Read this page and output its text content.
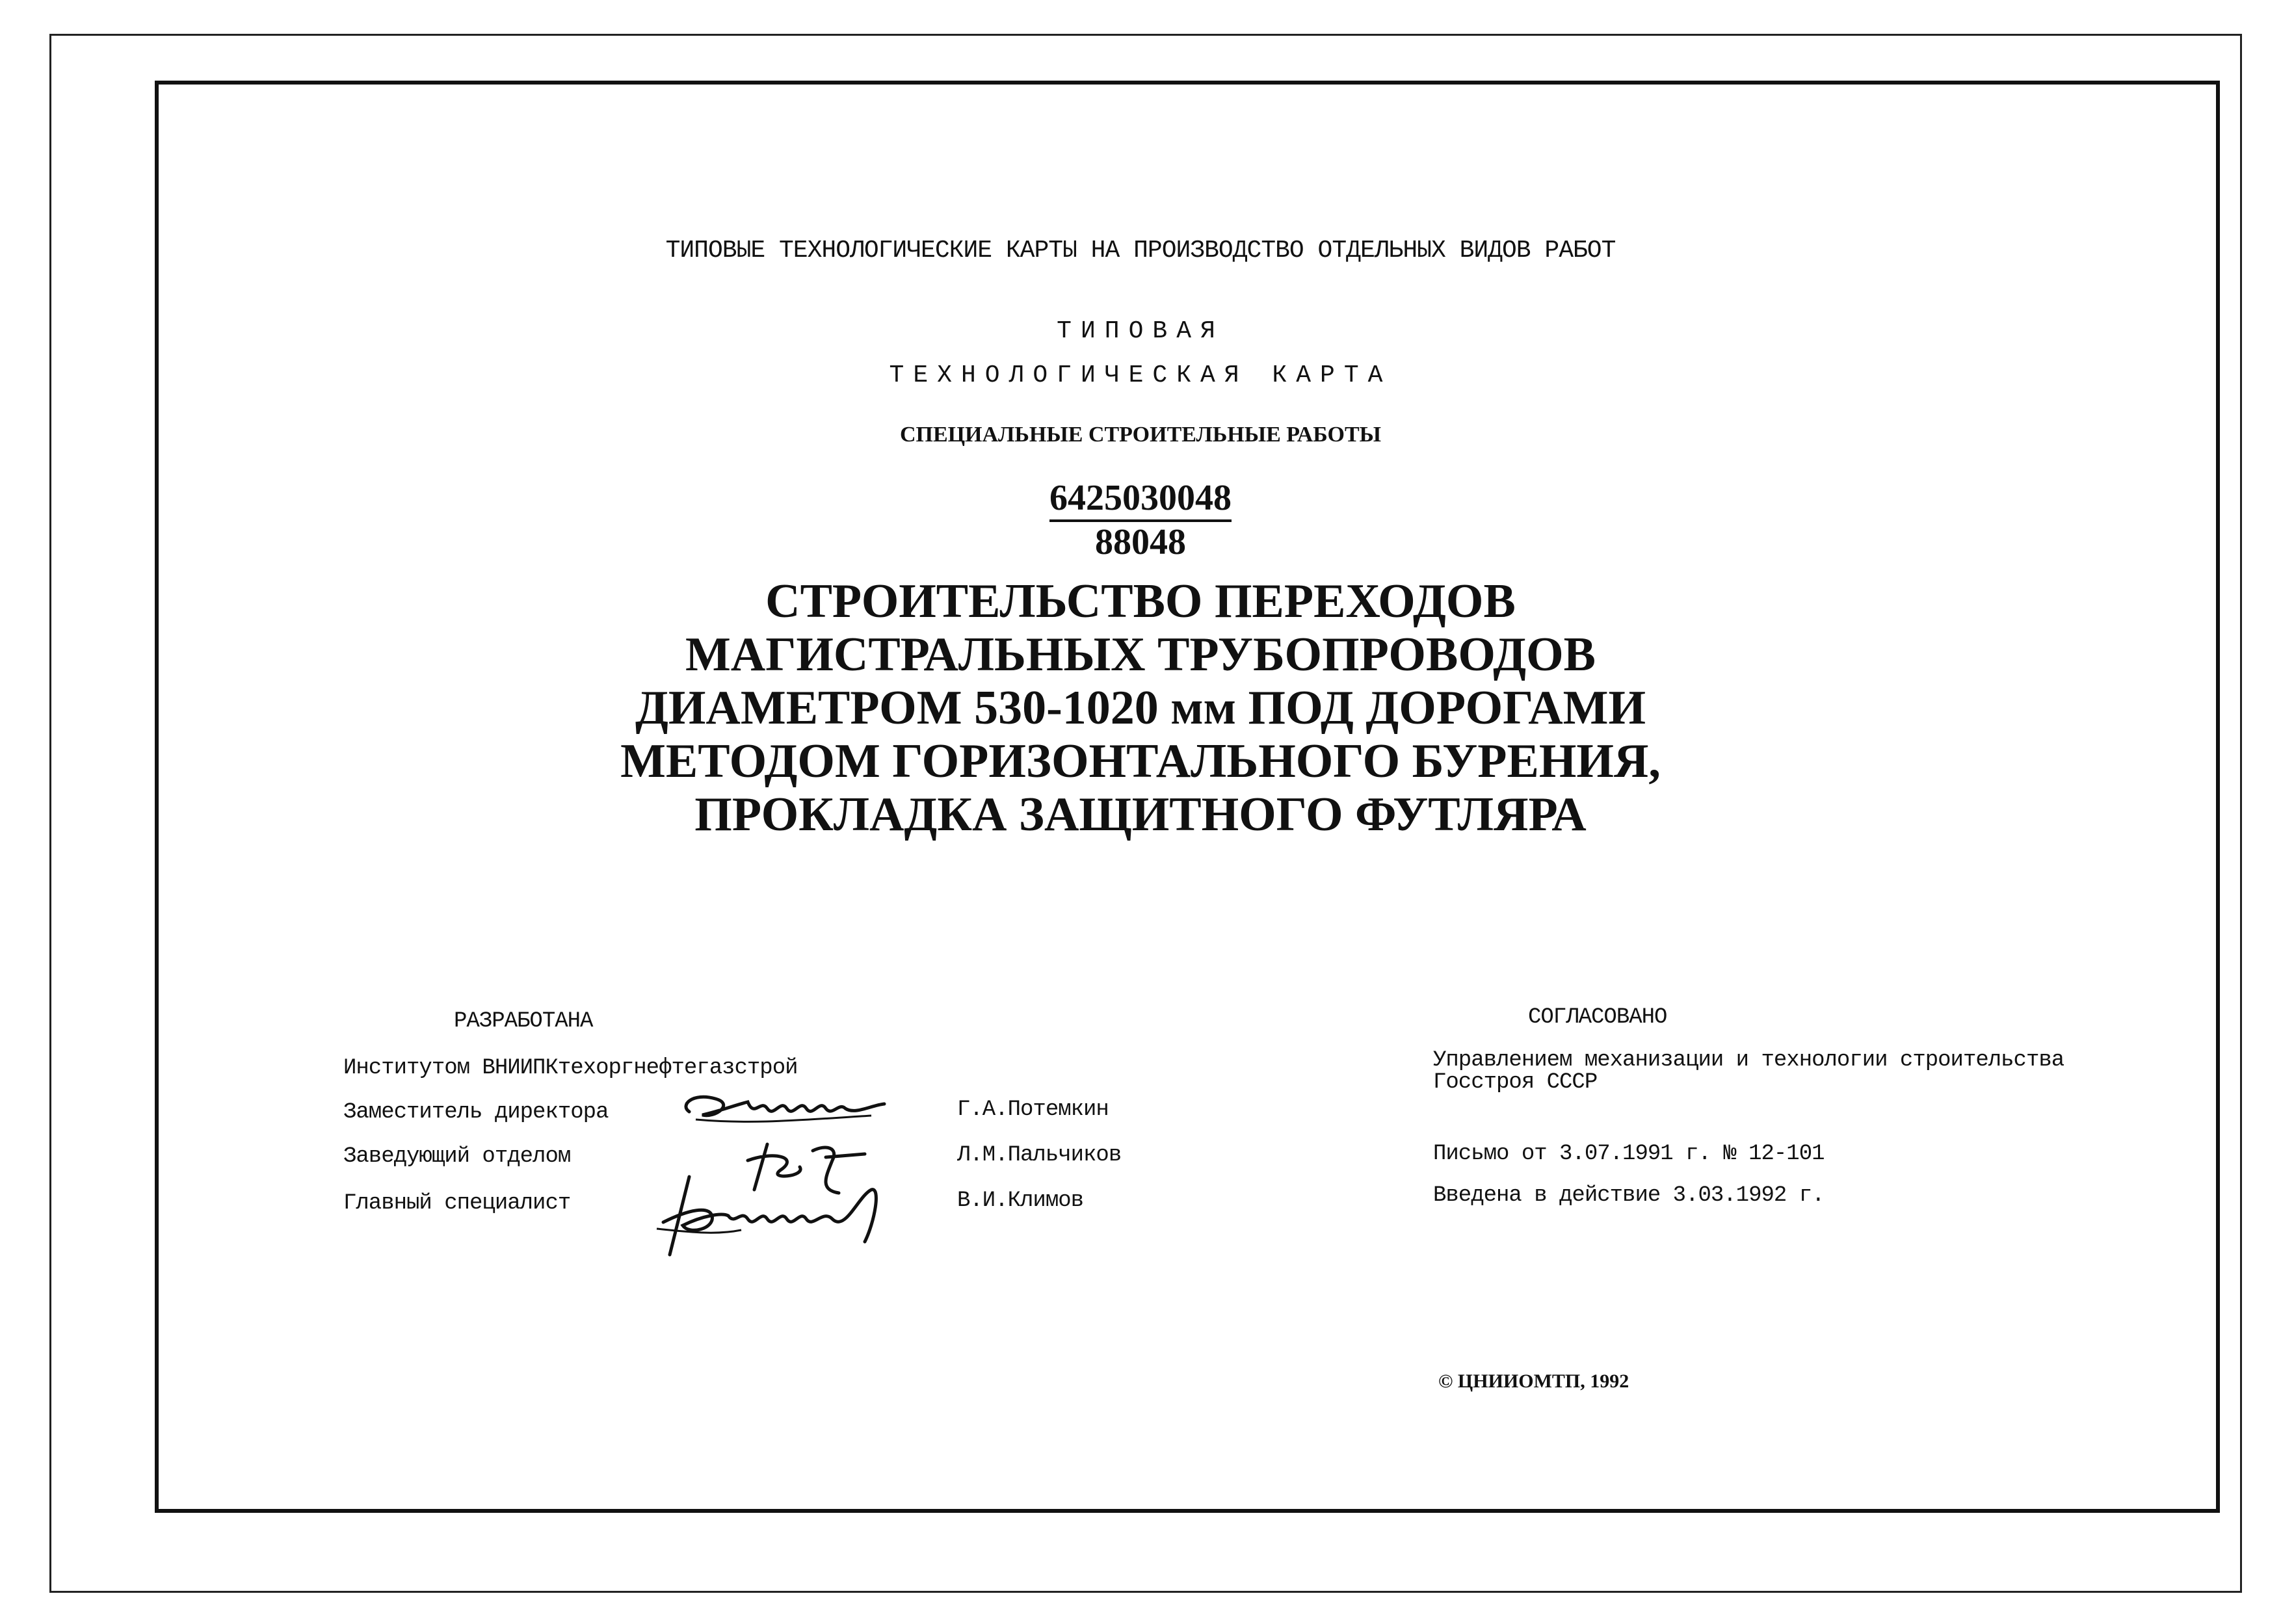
ТИПОВЫЕ ТЕХНОЛОГИЧЕСКИЕ КАРТЫ НА ПРОИЗВОДСТВО ОТДЕЛЬНЫХ ВИДОВ РАБОТ
ТИПОВАЯ
ТЕХНОЛОГИЧЕСКАЯ КАРТА
СПЕЦИАЛЬНЫЕ СТРОИТЕЛЬНЫЕ РАБОТЫ
6425030048
88048
СТРОИТЕЛЬСТВО ПЕРЕХОДОВ
МАГИСТРАЛЬНЫХ ТРУБОПРОВОДОВ
ДИАМЕТРОМ 530-1020 мм ПОД ДОРОГАМИ
МЕТОДОМ ГОРИЗОНТАЛЬНОГО БУРЕНИЯ,
ПРОКЛАДКА ЗАЩИТНОГО ФУТЛЯРА
РАЗРАБОТАНА
Институтом ВНИИПКтехоргнефтегазстрой
Заместитель директора
Заведующий отделом
Главный специалист
Г.А.Потемкин
Л.М.Пальчиков
В.И.Климов
СОГЛАСОВАНО
Управлением механизации и технологии строительства
Госстроя СССР
Письмо от 3.07.1991 г. № 12-101
Введена в действие 3.03.1992 г.
© ЦНИИОМТП, 1992
